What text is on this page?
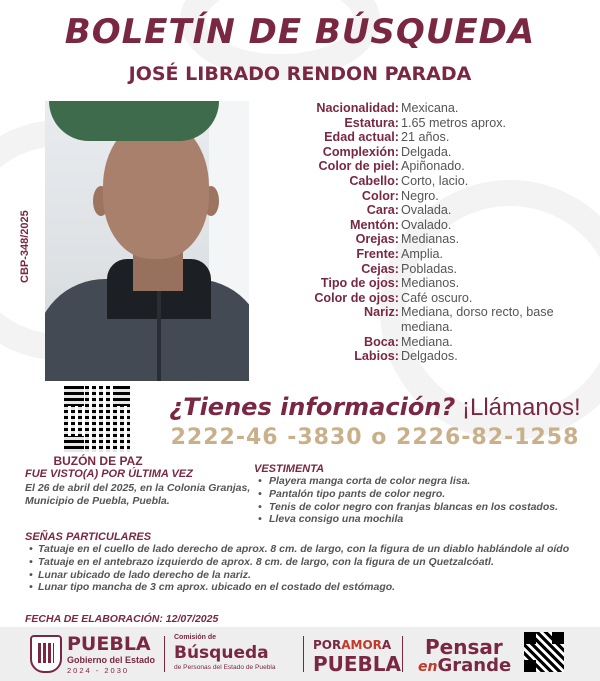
BOLETÍN DE BÚSQUEDA
JOSÉ LIBRADO RENDON PARADA
CBP-348/2025
Nacionalidad: Mexicana.
Estatura: 1.65 metros aprox.
Edad actual: 21 años.
Complexión: Delgada.
Color de piel: Apiñonado.
Cabello: Corto, lacio.
Color: Negro.
Cara: Ovalada.
Mentón: Ovalado.
Orejas: Medianas.
Frente: Amplia.
Cejas: Pobladas.
Tipo de ojos: Medianos.
Color de ojos: Café oscuro.
Nariz: Mediana, dorso recto, base mediana.
Boca: Mediana.
Labios: Delgados.
BUZÓN DE PAZ
¿Tienes información? ¡Llámanos!
2222-46 -3830 o 2226-82-1258
FUE VISTO(A) POR ÚLTIMA VEZ

El 26 de abril del 2025, en la Colonia Granjas, Municipio de Puebla, Puebla.

VESTIMENTA
• Playera manga corta de color negra lisa.
• Pantalón tipo pants de color negro.
• Tenis de color negro con franjas blancas en los costados.
• Lleva consigo una mochila
SEÑAS PARTICULARES
• Tatuaje en el cuello de lado derecho de aprox. 8 cm. de largo, con la figura de un diablo hablándole al oído
• Tatuaje en el antebrazo izquierdo de aprox. 8 cm. de largo, con la figura de un Quetzalcóatl.
• Lunar ubicado de lado derecho de la nariz.
• Lunar tipo mancha de 3 cm aprox. ubicado en el costado del estómago.
FECHA DE ELABORACIÓN: 12/07/2025
PUEBLA
Gobierno del Estado
2024 - 2030
Comisión de
Búsqueda
de Personas del Estado de Puebla
PORAMORA
PUEBLA
Pensar
enGrande
